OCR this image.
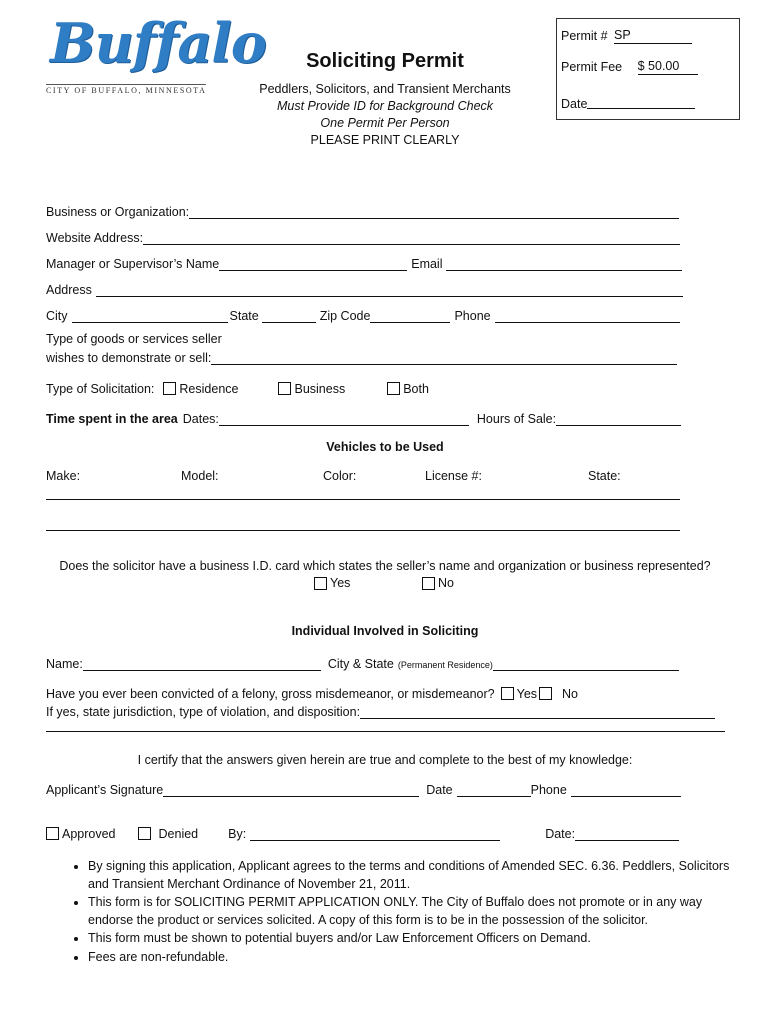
Buffalo
CITY OF BUFFALO, MINNESOTA
Soliciting Permit
Peddlers, Solicitors, and Transient Merchants
Must Provide ID for Background Check
One Permit Per Person
PLEASE PRINT CLEARLY
Permit # SP
Permit Fee $ 50.00
Date
Business or Organization:
Website Address:
Manager or Supervisor’s Name	Email
Address
City	State	Zip Code	Phone
Type of goods or services seller
wishes to demonstrate or sell:
Type of Solicitation: Residence	Business	Both
Time spent in the area Dates:	Hours of Sale:
Vehicles to be Used
Make:	Model:	Color:	License #:	State:
Does the solicitor have a business I.D. card which states the seller’s name and organization or business represented?
Yes	No
Individual Involved in Soliciting
Name:	City & State (Permanent Residence)
Have you ever been convicted of a felony, gross misdemeanor, or misdemeanor? Yes No
If yes, state jurisdiction, type of violation, and disposition:
I certify that the answers given herein are true and complete to the best of my knowledge:
Applicant’s Signature	Date	Phone
Approved	Denied By:	Date:
• By signing this application, Applicant agrees to the terms and conditions of Amended SEC. 6.36. Peddlers, Solicitors and Transient Merchant Ordinance of November 21, 2011.
• This form is for SOLICITING PERMIT APPLICATION ONLY. The City of Buffalo does not promote or in any way endorse the product or services solicited. A copy of this form is to be in the possession of the solicitor.
• This form must be shown to potential buyers and/or Law Enforcement Officers on Demand.
• Fees are non-refundable.
